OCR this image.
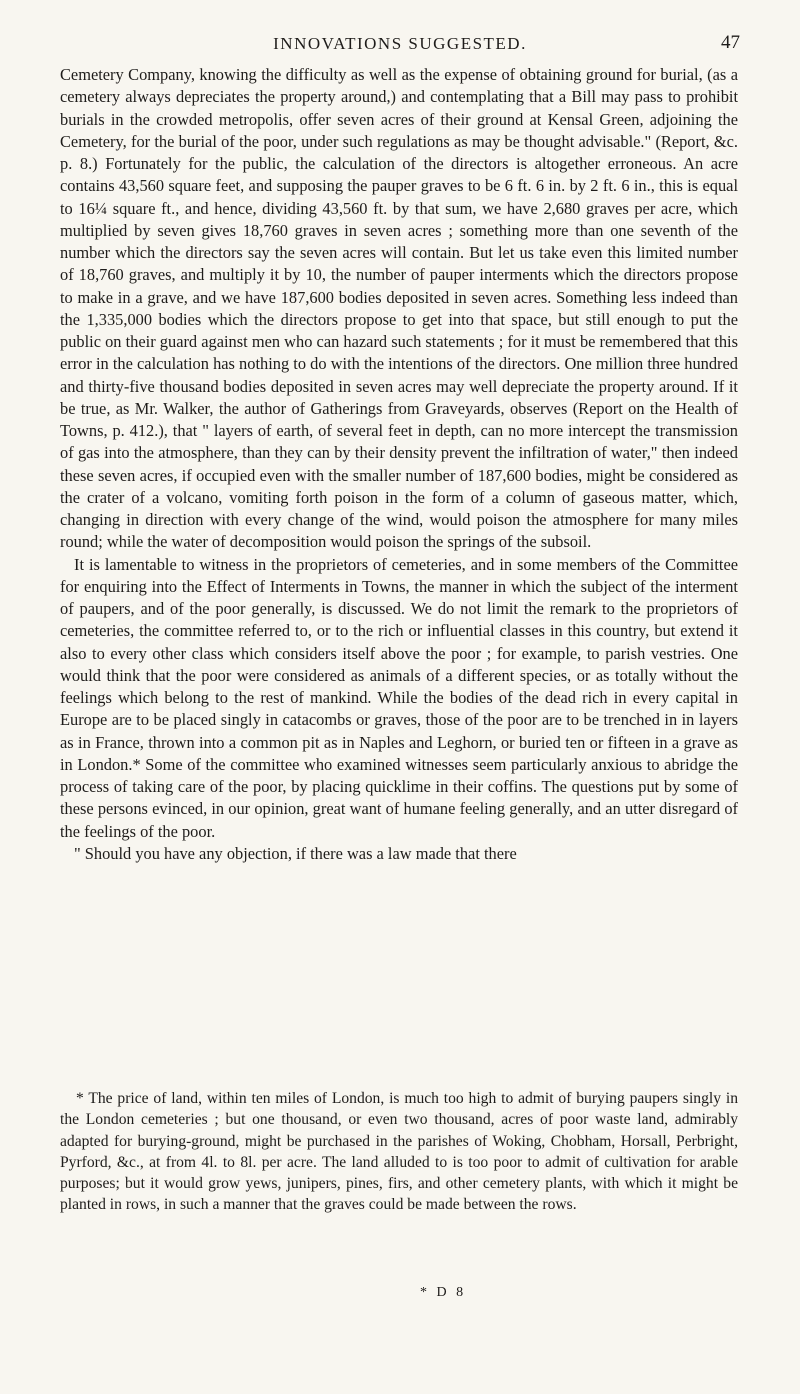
INNOVATIONS SUGGESTED.	47

Cemetery Company, knowing the difficulty as well as the expense of obtaining ground for burial, (as a cemetery always depreciates the property around,) and contemplating that a Bill may pass to prohibit burials in the crowded metropolis, offer seven acres of their ground at Kensal Green, adjoining the Cemetery, for the burial of the poor, under such regulations as may be thought advisable." (Report, &c. p. 8.) Fortunately for the public, the calculation of the directors is altogether erroneous. An acre contains 43,560 square feet, and supposing the pauper graves to be 6 ft. 6 in. by 2 ft. 6 in., this is equal to 16¼ square ft., and hence, dividing 43,560 ft. by that sum, we have 2,680 graves per acre, which multiplied by seven gives 18,760 graves in seven acres ; something more than one seventh of the number which the directors say the seven acres will contain. But let us take even this limited number of 18,760 graves, and multiply it by 10, the number of pauper interments which the directors propose to make in a grave, and we have 187,600 bodies deposited in seven acres. Something less indeed than the 1,335,000 bodies which the directors propose to get into that space, but still enough to put the public on their guard against men who can hazard such statements ; for it must be remembered that this error in the calculation has nothing to do with the intentions of the directors. One million three hundred and thirty-five thousand bodies deposited in seven acres may well depreciate the property around. If it be true, as Mr. Walker, the author of Gatherings from Graveyards, observes (Report on the Health of Towns, p. 412.), that " layers of earth, of several feet in depth, can no more intercept the transmission of gas into the atmosphere, than they can by their density prevent the infiltration of water," then indeed these seven acres, if occupied even with the smaller number of 187,600 bodies, might be considered as the crater of a volcano, vomiting forth poison in the form of a column of gaseous matter, which, changing in direction with every change of the wind, would poison the atmosphere for many miles round; while the water of decomposition would poison the springs of the subsoil.

It is lamentable to witness in the proprietors of cemeteries, and in some members of the Committee for enquiring into the Effect of Interments in Towns, the manner in which the subject of the interment of paupers, and of the poor generally, is discussed. We do not limit the remark to the proprietors of cemeteries, the committee referred to, or to the rich or influential classes in this country, but extend it also to every other class which considers itself above the poor ; for example, to parish vestries. One would think that the poor were considered as animals of a different species, or as totally without the feelings which belong to the rest of mankind. While the bodies of the dead rich in every capital in Europe are to be placed singly in catacombs or graves, those of the poor are to be trenched in in layers as in France, thrown into a common pit as in Naples and Leghorn, or buried ten or fifteen in a grave as in London.* Some of the committee who examined witnesses seem particularly anxious to abridge the process of taking care of the poor, by placing quicklime in their coffins. The questions put by some of these persons evinced, in our opinion, great want of humane feeling generally, and an utter disregard of the feelings of the poor.

" Should you have any objection, if there was a law made that there

* The price of land, within ten miles of London, is much too high to admit of burying paupers singly in the London cemeteries ; but one thousand, or even two thousand, acres of poor waste land, admirably adapted for burying-ground, might be purchased in the parishes of Woking, Chobham, Horsall, Perbright, Pyrford, &c., at from 4l. to 8l. per acre. The land alluded to is too poor to admit of cultivation for arable purposes; but it would grow yews, junipers, pines, firs, and other cemetery plants, with which it might be planted in rows, in such a manner that the graves could be made between the rows.

* D 8
